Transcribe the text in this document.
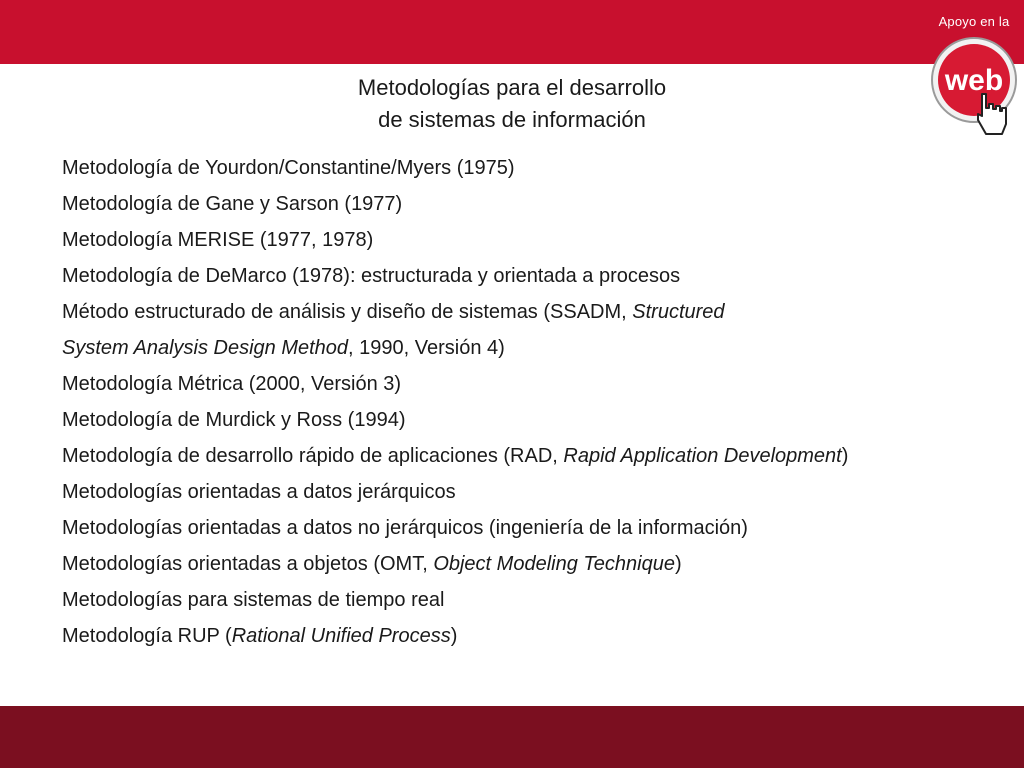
web
Apoyo en la
Metodologías para el desarrollo
de sistemas de información
Metodología de Yourdon/Constantine/Myers (1975)
Metodología de Gane y Sarson (1977)
Metodología MERISE (1977, 1978)
Metodología de DeMarco (1978): estructurada y orientada a procesos
Método estructurado de análisis y diseño de sistemas (SSADM, Structured
System Analysis Design Method, 1990, Versión 4)
Metodología Métrica (2000, Versión 3)
Metodología de Murdick y Ross (1994)
Metodología de desarrollo rápido de aplicaciones (RAD, Rapid Application Development)
Metodologías orientadas a datos jerárquicos
Metodologías orientadas a datos no jerárquicos (ingeniería de la información)
Metodologías orientadas a objetos (OMT, Object Modeling Technique)
Metodologías para sistemas de tiempo real
Metodología RUP (Rational Unified Process)
